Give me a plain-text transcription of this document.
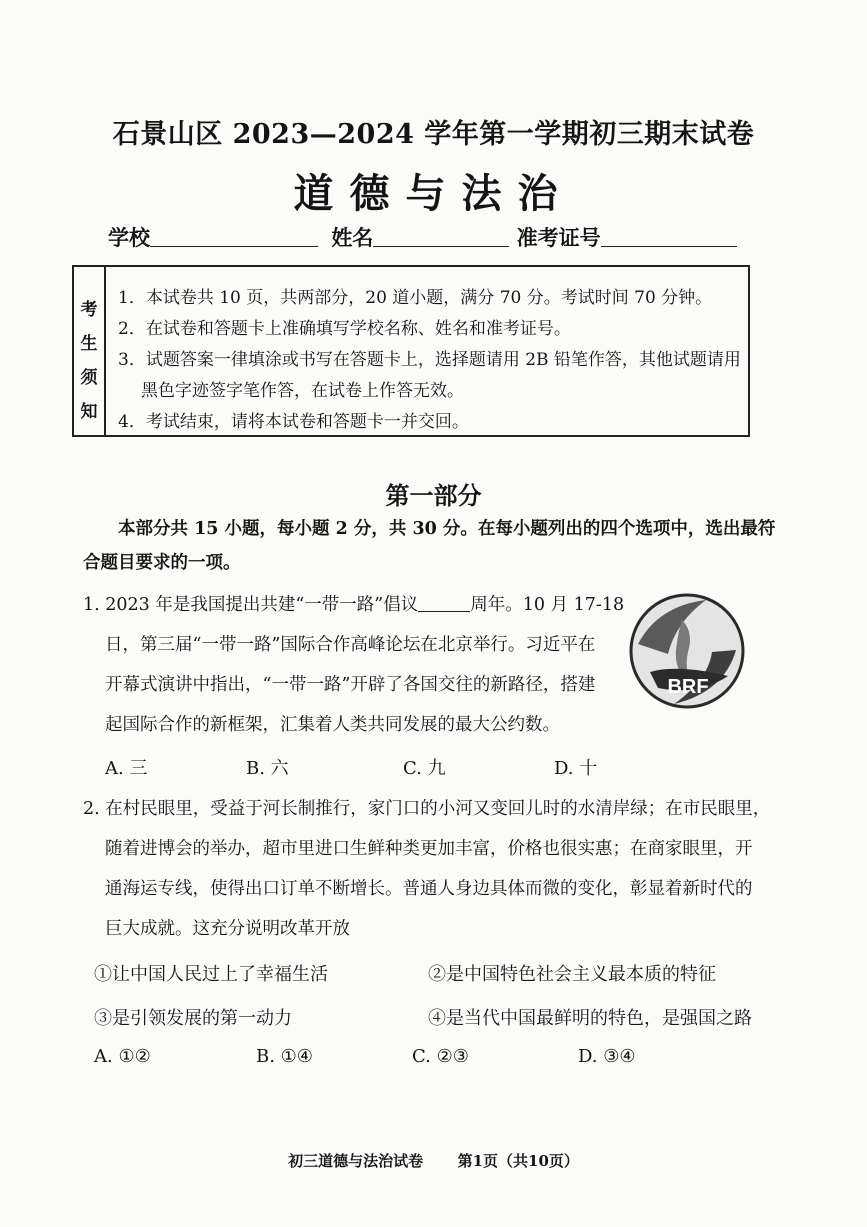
石景山区 2023—2024 学年第一学期初三期末试卷
道德与法治
学校	姓名	准考证号
考
生
须
知
1．本试卷共 10 页，共两部分，20 道小题，满分 70 分。考试时间 70 分钟。
2．在试卷和答题卡上准确填写学校名称、姓名和准考证号。
3．试题答案一律填涂或书写在答题卡上，选择题请用 2B 铅笔作答，其他试题请用
黑色字迹签字笔作答，在试卷上作答无效。
4．考试结束，请将本试卷和答题卡一并交回。
第一部分
本部分共 15 小题，每小题 2 分，共 30 分。在每小题列出的四个选项中，选出最符
合题目要求的一项。
1. 2023 年是我国提出共建“一带一路”倡议	周年。10 月 17-18
日，第三届“一带一路”国际合作高峰论坛在北京举行。习近平在
开幕式演讲中指出，“一带一路”开辟了各国交往的新路径，搭建
起国际合作的新框架，汇集着人类共同发展的最大公约数。
BRF
A. 三	B. 六	C. 九	D. 十
2. 在村民眼里，受益于河长制推行，家门口的小河又变回儿时的水清岸绿；在市民眼里，
随着进博会的举办，超市里进口生鲜种类更加丰富，价格也很实惠；在商家眼里，开
通海运专线，使得出口订单不断增长。普通人身边具体而微的变化，彰显着新时代的
巨大成就。这充分说明改革开放
①让中国人民过上了幸福生活	②是中国特色社会主义最本质的特征
③是引领发展的第一动力	④是当代中国最鲜明的特色，是强国之路
A. ①②	B. ①④	C. ②③	D. ③④
初三道德与法治试卷 第1页（共10页）
